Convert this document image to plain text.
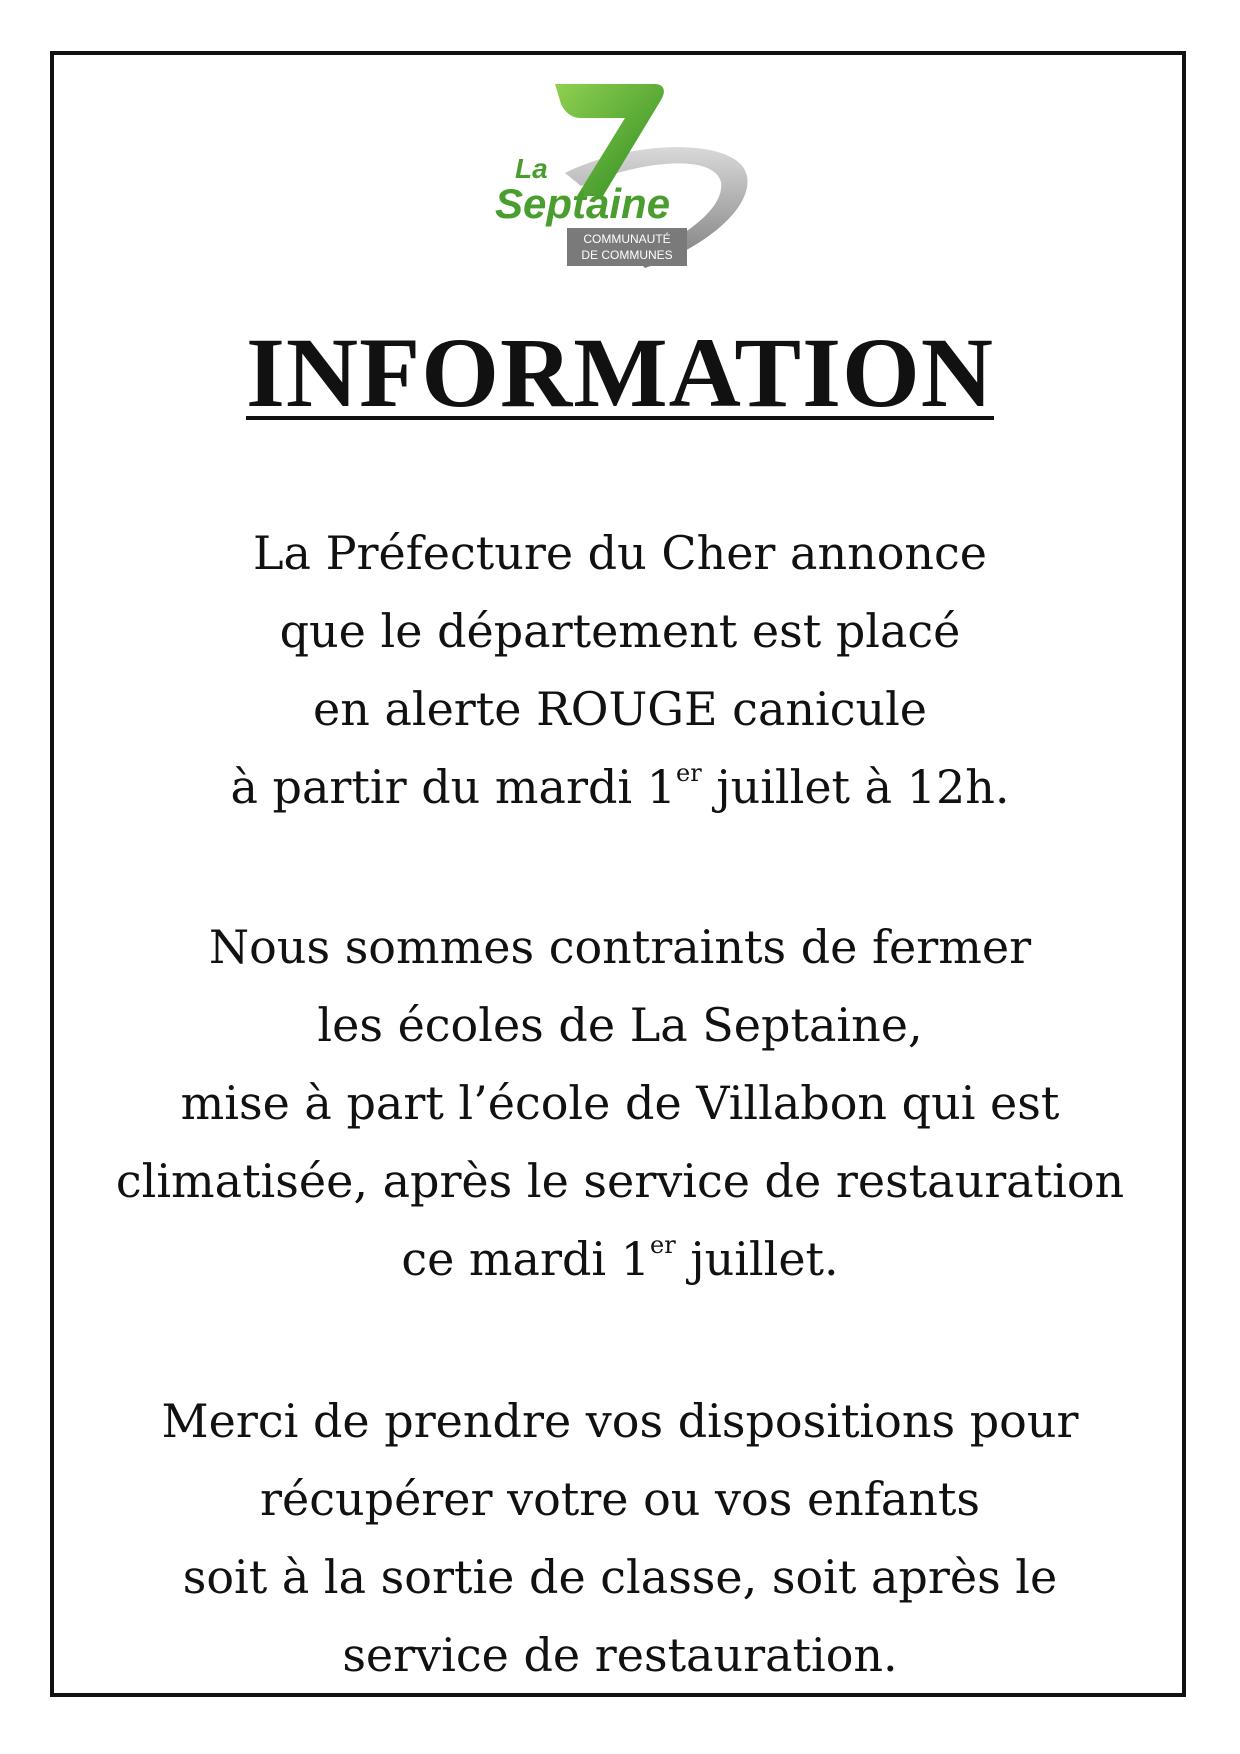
La
Septaine
COMMUNAUTÉ
DE COMMUNES
INFORMATION
La Préfecture du Cher annonce
que le département est placé
en alerte ROUGE canicule
à partir du mardi 1er juillet à 12h.
Nous sommes contraints de fermer
les écoles de La Septaine,
mise à part l’école de Villabon qui est
climatisée, après le service de restauration
ce mardi 1er juillet.
Merci de prendre vos dispositions pour
récupérer votre ou vos enfants
soit à la sortie de classe, soit après le
service de restauration.
